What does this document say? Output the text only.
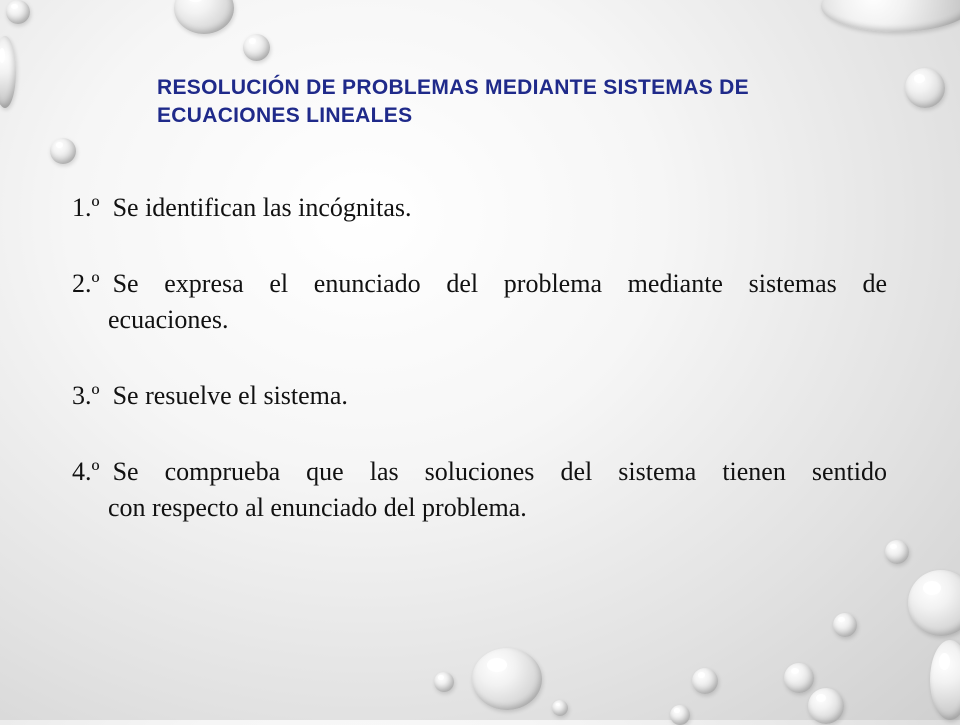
RESOLUCIÓN DE PROBLEMAS MEDIANTE SISTEMAS DE
ECUACIONES LINEALES
1.º
Se identifican las incógnitas.
2.º
Se expresa el enunciado del problema mediante sistemas de
ecuaciones.
3.º
Se resuelve el sistema.
4.º
Se comprueba que las soluciones del sistema tienen sentido
con respecto al enunciado del problema.
